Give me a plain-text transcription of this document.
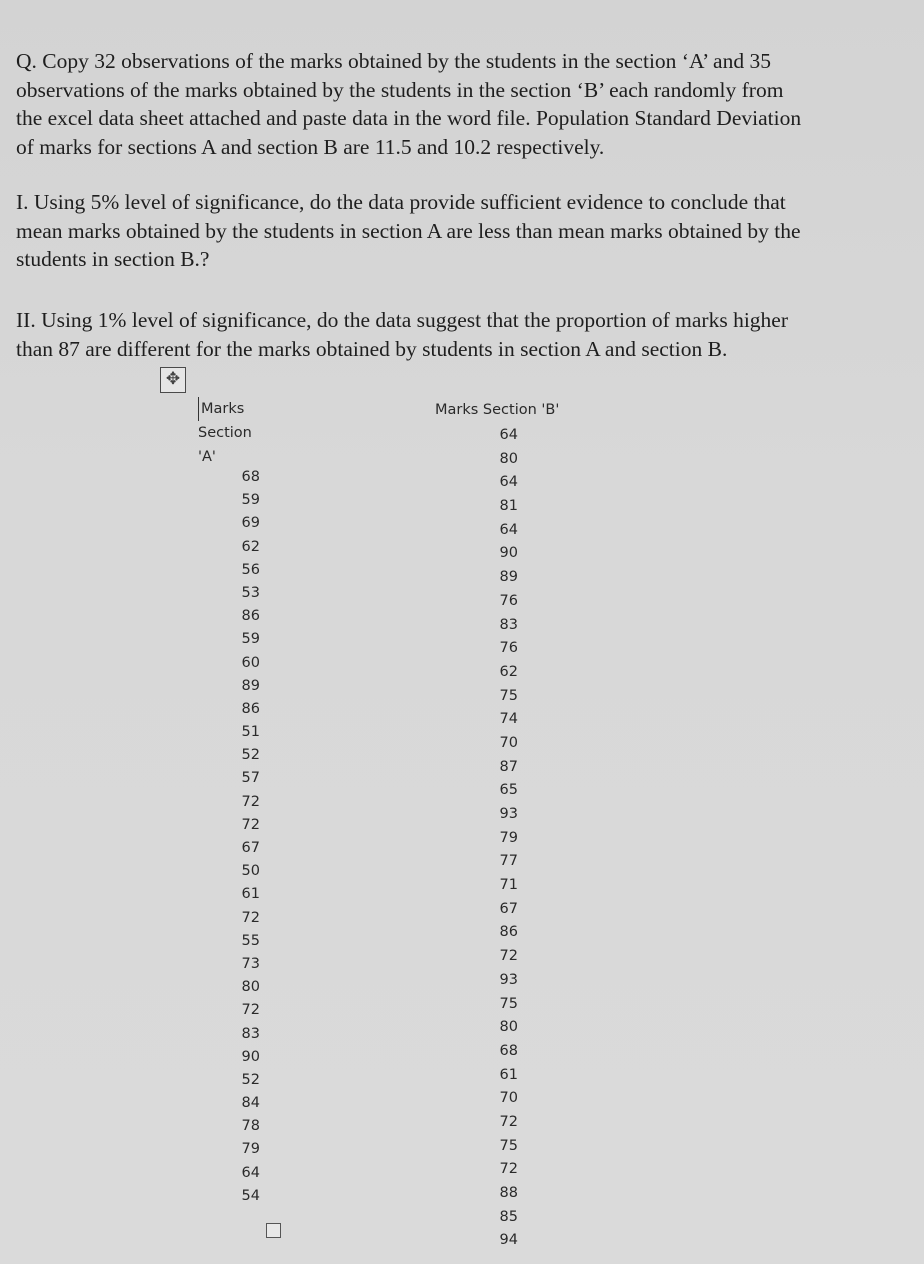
Q. Copy 32 observations of the marks obtained by the students in the section ‘A’ and 35
observations of the marks obtained by the students in the section ‘B’ each randomly from
the excel data sheet attached and paste data in the word file. Population Standard Deviation
of marks for sections A and section B are 11.5 and 10.2 respectively.
I. Using 5% level of significance, do the data provide sufficient evidence to conclude that
mean marks obtained by the students in section A are less than mean marks obtained by the
students in section B.?
II. Using 1% level of significance, do the data suggest that the proportion of marks higher
than 87 are different for the marks obtained by students in section A and section B.
✥
Marks
Section
'A'
Marks Section 'B'
68
59
69
62
56
53
86
59
60
89
86
51
52
57
72
72
67
50
61
72
55
73
80
72
83
90
52
84
78
79
64
54
64
80
64
81
64
90
89
76
83
76
62
75
74
70
87
65
93
79
77
71
67
86
72
93
75
80
68
61
70
72
75
72
88
85
94
